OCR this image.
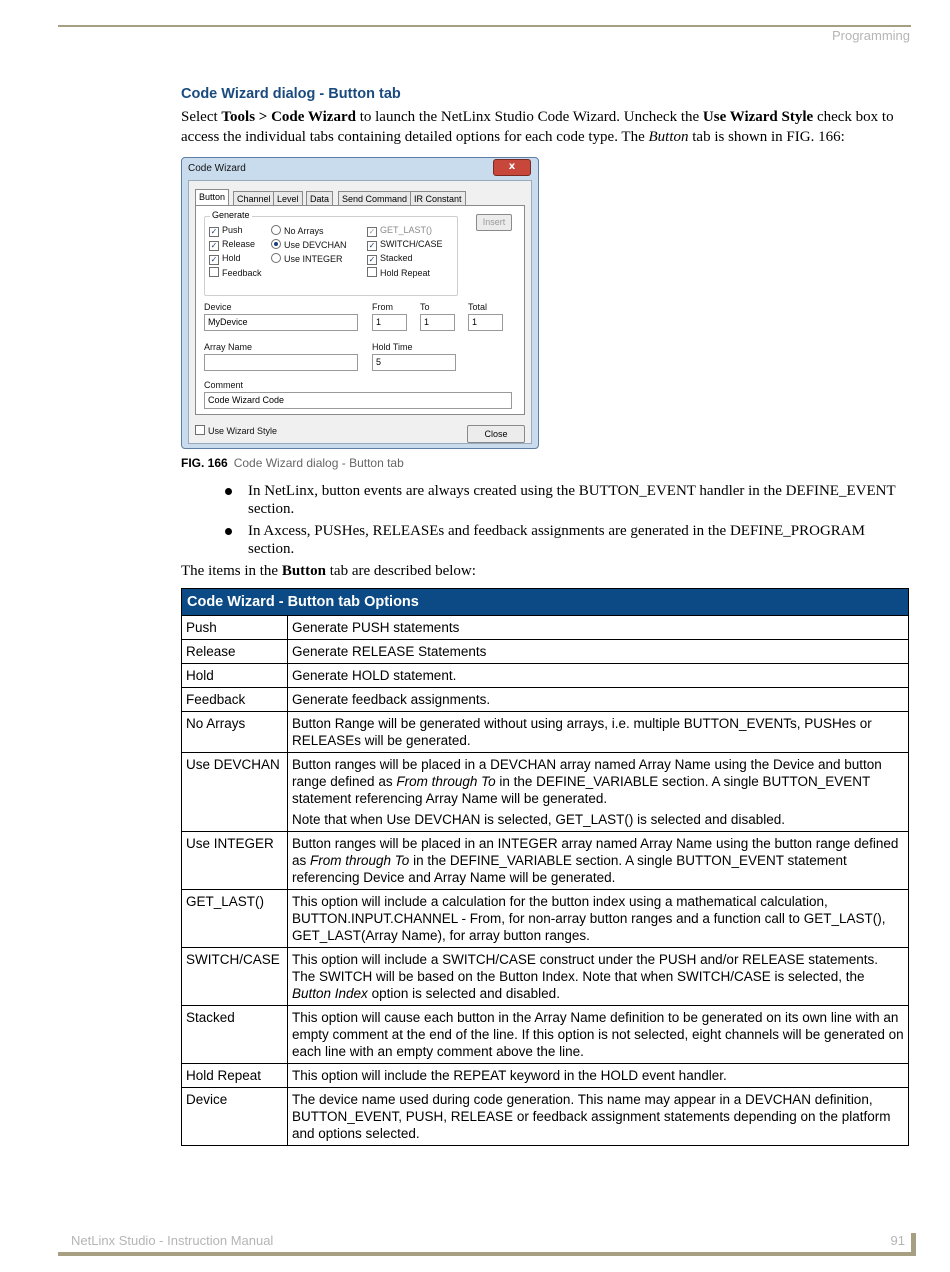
Programming
Code Wizard dialog - Button tab

Select Tools > Code Wizard to launch the NetLinx Studio Code Wizard. Uncheck the Use Wizard Style check box to access the individual tabs containing detailed options for each code type. The Button tab is shown in FIG. 166:

Code Wizard	x
Button	Channel Level	Data	Send Command IR Constant
Generate
✓ Push
✓ Release
✓ Hold
Feedback
No Arrays
Use DEVCHAN
Use INTEGER
✓ GET_LAST()
✓ SWITCH/CASE
✓ Stacked
Hold Repeat
Insert
Device
MyDevice
From
1
To
1
Total
1
Array Name	Hold Time
5
Comment
Code Wizard Code
Use Wizard Style	Close
FIG. 166 Code Wizard dialog - Button tab
In NetLinx, button events are always created using the BUTTON_EVENT handler in the DEFINE_EVENT section.
In Axcess, PUSHes, RELEASEs and feedback assignments are generated in the DEFINE_PROGRAM section.
The items in the Button tab are described below:
Code Wizard - Button tab Options	
Push	Generate PUSH statements
Release	Generate RELEASE Statements
Hold	Generate HOLD statement.
Feedback	Generate feedback assignments.
No Arrays	Button Range will be generated without using arrays, i.e. multiple BUTTON_EVENTs, PUSHes or RELEASEs will be generated.
Use DEVCHAN	Button ranges will be placed in a DEVCHAN array named Array Name using the Device and button range defined as From through To in the DEFINE_VARIABLE section. A single BUTTON_EVENT statement referencing Array Name will be generated.

Note that when Use DEVCHAN is selected, GET_LAST() is selected and disabled.

Use INTEGER	Button ranges will be placed in an INTEGER array named Array Name using the button range defined as From through To in the DEFINE_VARIABLE section. A single BUTTON_EVENT statement referencing Device and Array Name will be generated.
GET_LAST()	This option will include a calculation for the button index using a mathematical calculation, BUTTON.INPUT.CHANNEL - From, for non-array button ranges and a function call to GET_LAST(), GET_LAST(Array Name), for array button ranges.
SWITCH/CASE	This option will include a SWITCH/CASE construct under the PUSH and/or RELEASE statements. The SWITCH will be based on the Button Index. Note that when SWITCH/CASE is selected, the Button Index option is selected and disabled.
Stacked	This option will cause each button in the Array Name definition to be generated on its own line with an empty comment at the end of the line. If this option is not selected, eight channels will be generated on each line with an empty comment above the line.
Hold Repeat	This option will include the REPEAT keyword in the HOLD event handler.
Device	The device name used during code generation. This name may appear in a DEVCHAN definition, BUTTON_EVENT, PUSH, RELEASE or feedback assignment statements depending on the platform and options selected.
NetLinx Studio - Instruction Manual	91
